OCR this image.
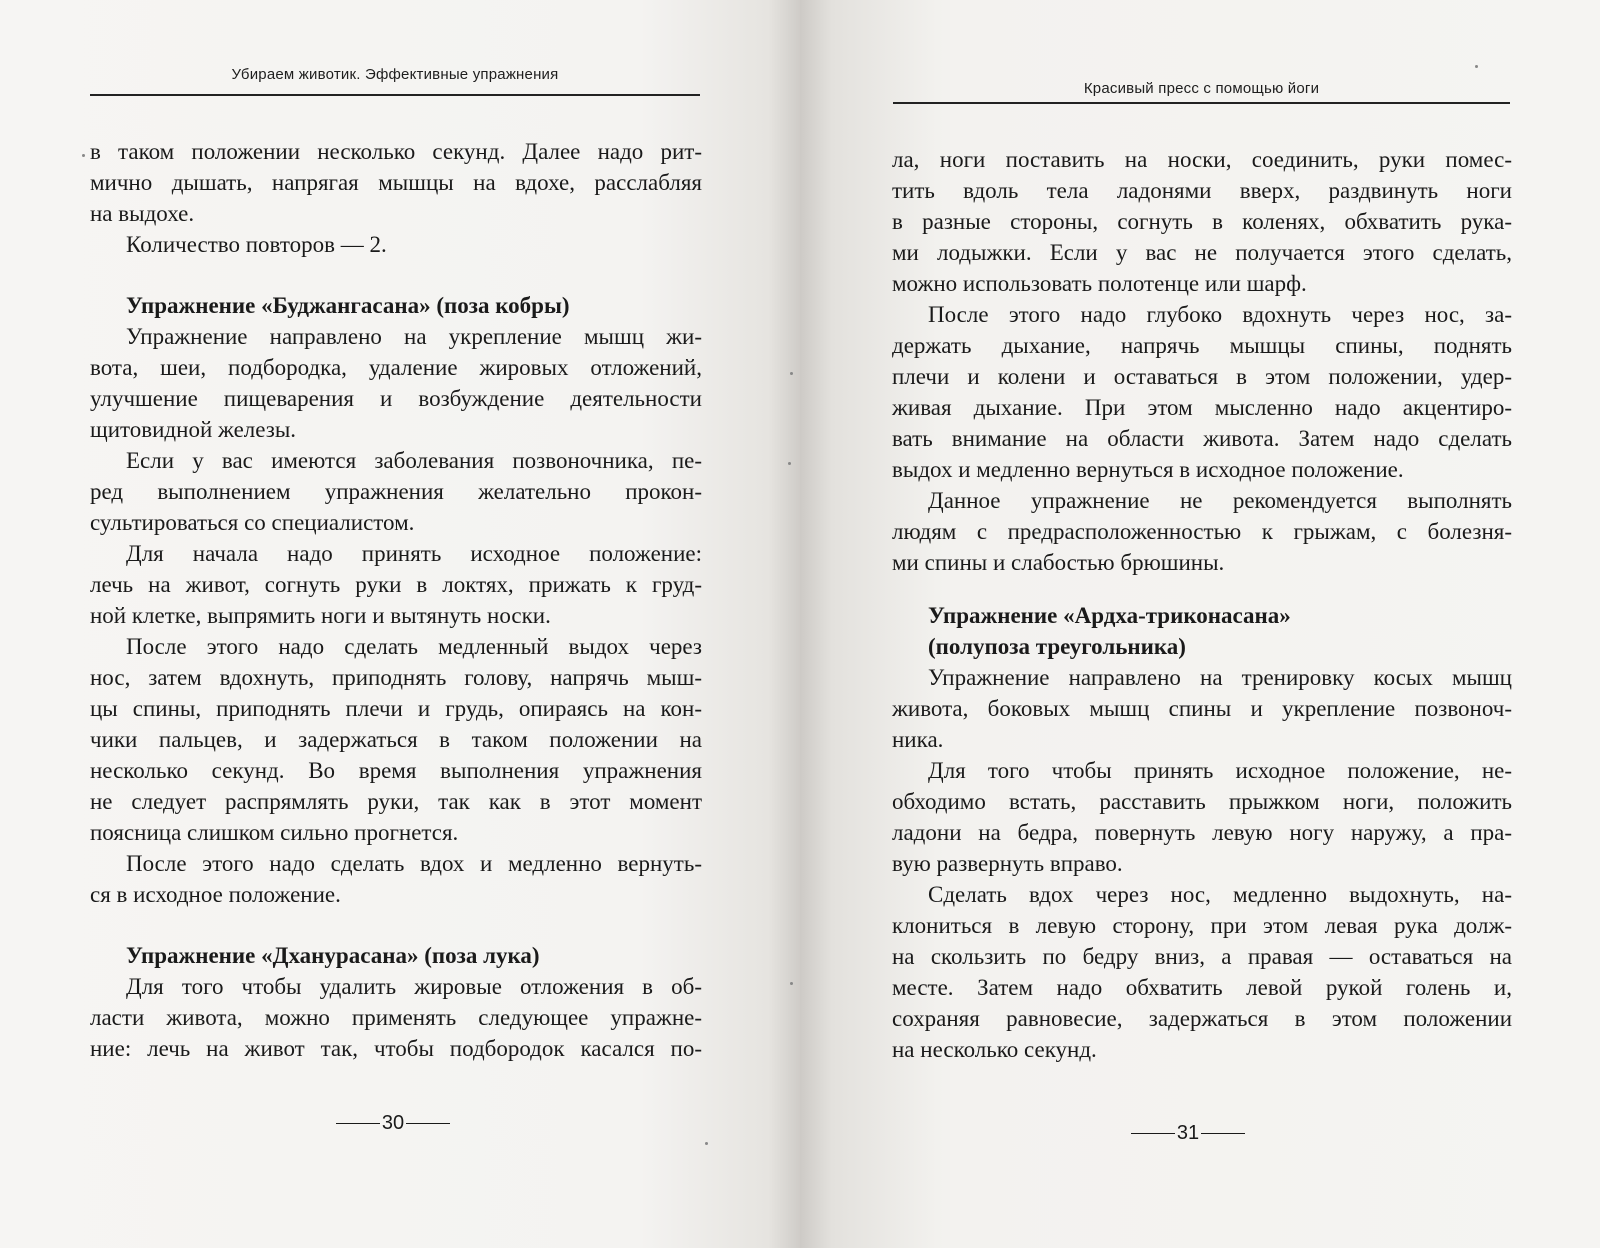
Убираем животик. Эффективные упражнения
в таком положении несколько секунд. Далее надо рит-
мично дышать, напрягая мышцы на вдохе, расслабляя
на выдохе.
Количество повторов — 2.
Упражнение «Буджангасана» (поза кобры)
Упражнение направлено на укрепление мышц жи-
вота, шеи, подбородка, удаление жировых отложений,
улучшение пищеварения и возбуждение деятельности
щитовидной железы.
Если у вас имеются заболевания позвоночника, пе-
ред выполнением упражнения желательно прокон-
сультироваться со специалистом.
Для начала надо принять исходное положение:
лечь на живот, согнуть руки в локтях, прижать к груд-
ной клетке, выпрямить ноги и вытянуть носки.
После этого надо сделать медленный выдох через
нос, затем вдохнуть, приподнять голову, напрячь мыш-
цы спины, приподнять плечи и грудь, опираясь на кон-
чики пальцев, и задержаться в таком положении на
несколько секунд. Во время выполнения упражнения
не следует распрямлять руки, так как в этот момент
поясница слишком сильно прогнется.
После этого надо сделать вдох и медленно вернуть-
ся в исходное положение.
Упражнение «Дханурасана» (поза лука)
Для того чтобы удалить жировые отложения в об-
ласти живота, можно применять следующее упражне-
ние: лечь на живот так, чтобы подбородок касался по-
30
Красивый пресс с помощью йоги
ла, ноги поставить на носки, соединить, руки помес-
тить вдоль тела ладонями вверх, раздвинуть ноги
в разные стороны, согнуть в коленях, обхватить рука-
ми лодыжки. Если у вас не получается этого сделать,
можно использовать полотенце или шарф.
После этого надо глубоко вдохнуть через нос, за-
держать дыхание, напрячь мышцы спины, поднять
плечи и колени и оставаться в этом положении, удер-
живая дыхание. При этом мысленно надо акцентиро-
вать внимание на области живота. Затем надо сделать
выдох и медленно вернуться в исходное положение.
Данное упражнение не рекомендуется выполнять
людям с предрасположенностью к грыжам, с болезня-
ми спины и слабостью брюшины.
Упражнение «Ардха-триконасана»
(полупоза треугольника)
Упражнение направлено на тренировку косых мышц
живота, боковых мышц спины и укрепление позвоноч-
ника.
Для того чтобы принять исходное положение, не-
обходимо встать, расставить прыжком ноги, положить
ладони на бедра, повернуть левую ногу наружу, а пра-
вую развернуть вправо.
Сделать вдох через нос, медленно выдохнуть, на-
клониться в левую сторону, при этом левая рука долж-
на скользить по бедру вниз, а правая — оставаться на
месте. Затем надо обхватить левой рукой голень и,
сохраняя равновесие, задержаться в этом положении
на несколько секунд.
31
